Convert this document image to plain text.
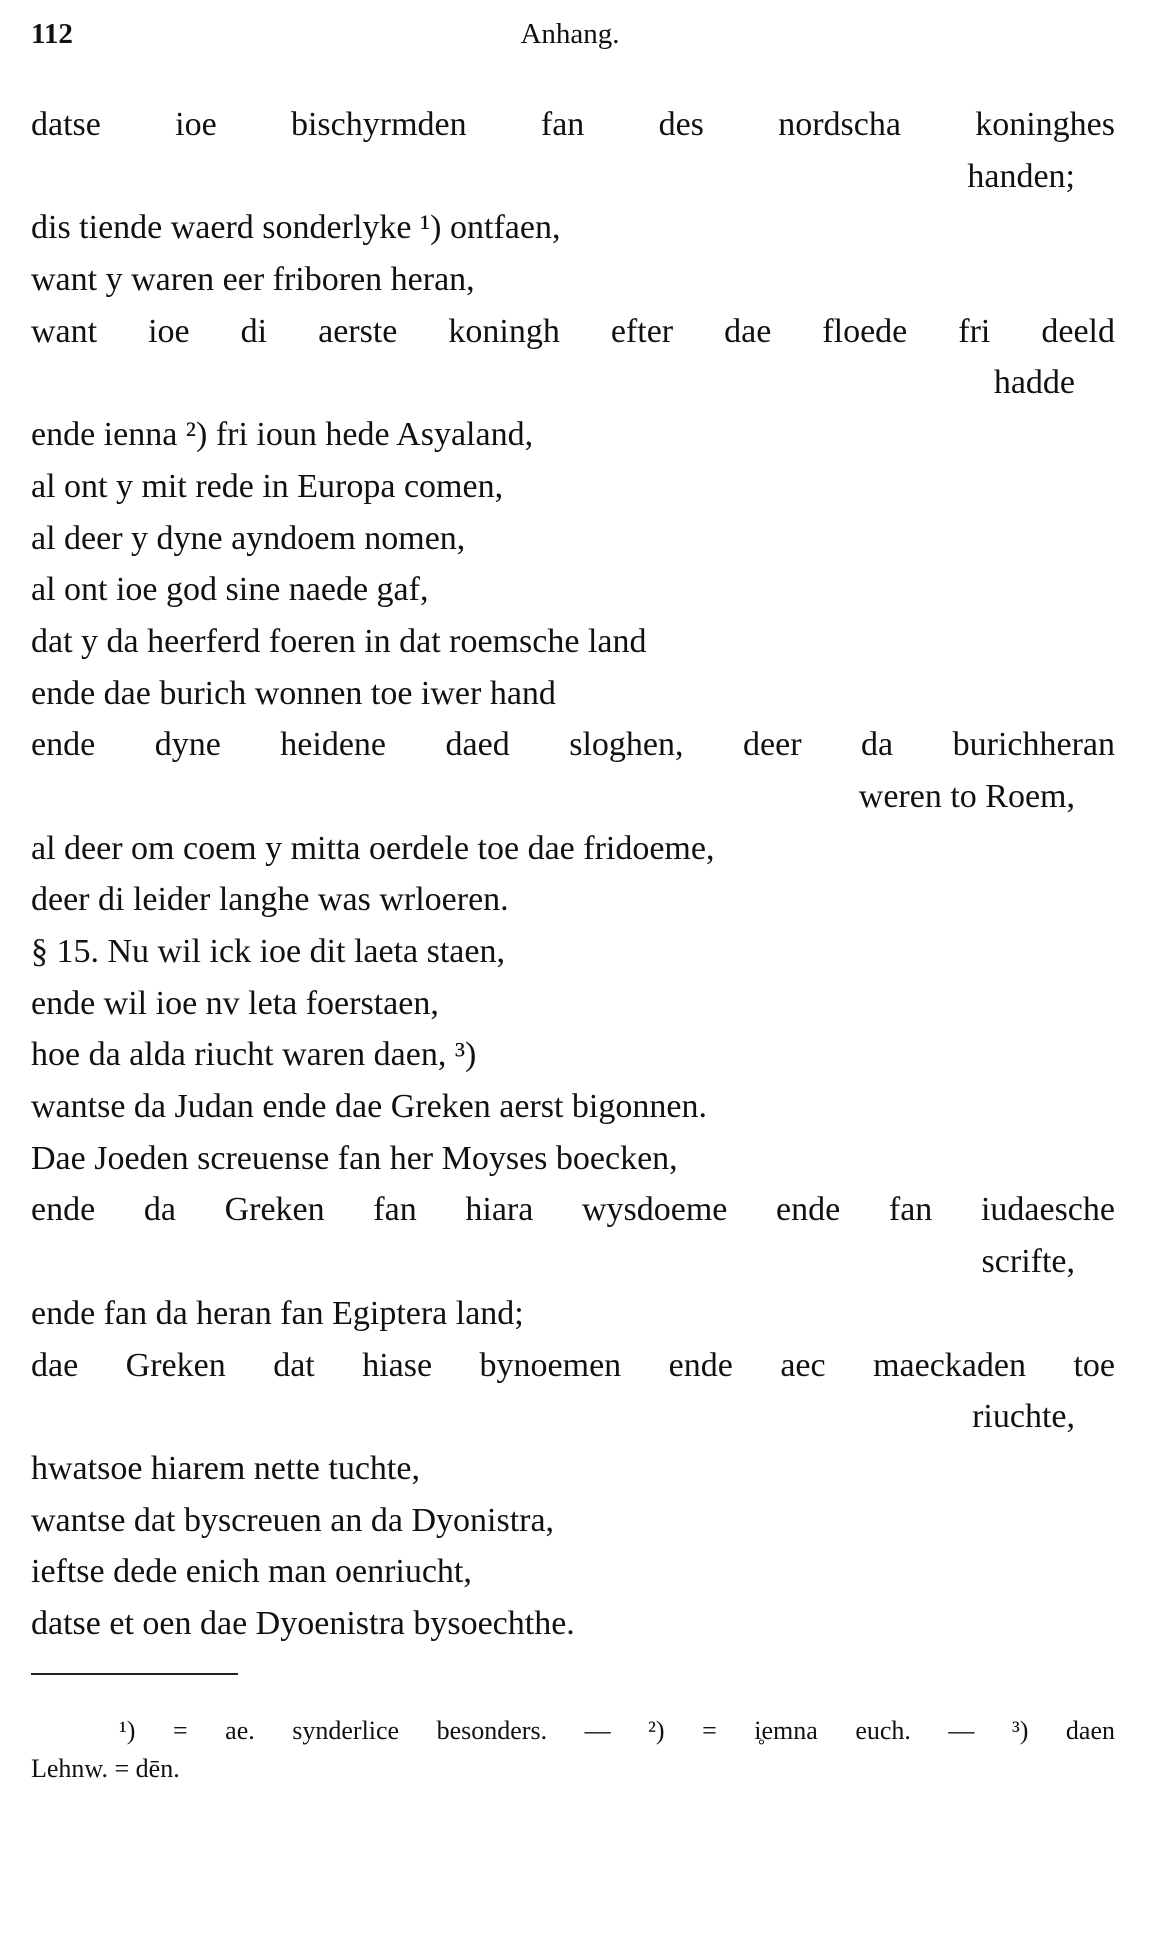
112	Anhang.
datse ioe bischyrmden fan des nordscha koninghes
handen;
dis tiende waerd sonderlyke ¹) ontfaen,
want y waren eer friboren heran,
want ioe di aerste koningh efter dae floede fri deeld
hadde
ende ienna ²) fri ioun hede Asyaland,
al ont y mit rede in Europa comen,
al deer y dyne ayndoem nomen,
al ont ioe god sine naede gaf,
dat y da heerferd foeren in dat roemsche land
ende dae burich wonnen toe iwer hand
ende dyne heidene daed sloghen, deer da burichheran
weren to Roem,
al deer om coem y mitta oerdele toe dae fridoeme,
deer di leider langhe was wrloeren.
§ 15. Nu wil ick ioe dit laeta staen,
ende wil ioe nv leta foerstaen,
hoe da alda riucht waren daen, ³)
wantse da Judan ende dae Greken aerst bigonnen.
Dae Joeden screuense fan her Moyses boecken,
ende da Greken fan hiara wysdoeme ende fan iudaesche
scrifte,
ende fan da heran fan Egiptera land;
dae Greken dat hiase bynoemen ende aec maeckaden toe
riuchte,
hwatsoe hiarem nette tuchte,
wantse dat byscreuen an da Dyonistra,
ieftse dede enich man oenriucht,
datse et oen dae Dyoenistra bysoechthe.
¹) = ae. synderlice besonders. — ²) = i̥emna euch. — ³) daen
Lehnw. = dēn.
